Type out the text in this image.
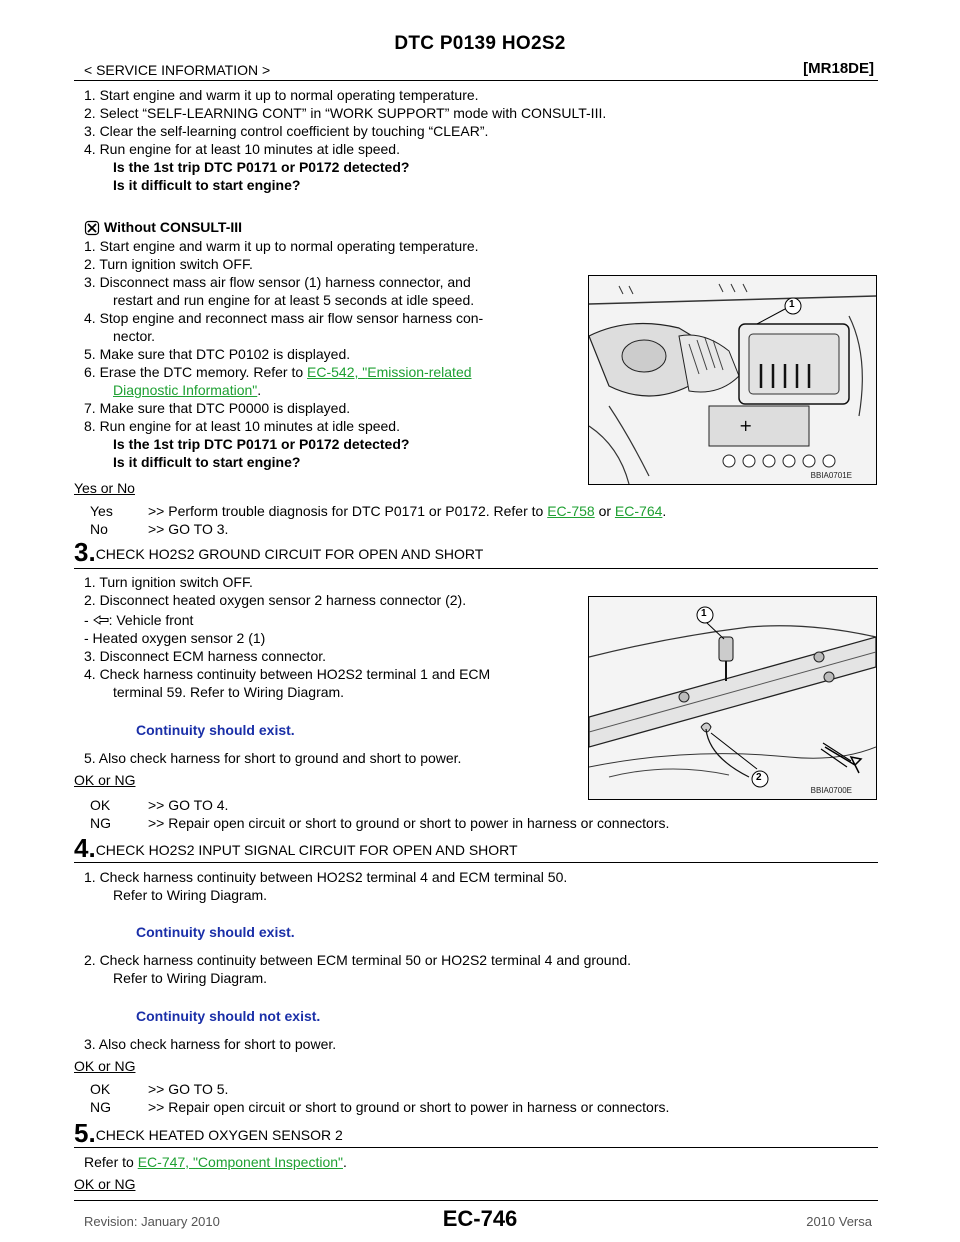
DTC P0139 HO2S2
< SERVICE INFORMATION >	[MR18DE]
1. Start engine and warm it up to normal operating temperature.
2. Select “SELF-LEARNING CONT” in “WORK SUPPORT” mode with CONSULT-III.
3. Clear the self-learning control coefficient by touching “CLEAR”.
4. Run engine for at least 10 minutes at idle speed.
Is the 1st trip DTC P0171 or P0172 detected?
Is it difficult to start engine?
Without CONSULT-III
1. Start engine and warm it up to normal operating temperature.
2. Turn ignition switch OFF.
3. Disconnect mass air flow sensor (1) harness connector, and
restart and run engine for at least 5 seconds at idle speed.
4. Stop engine and reconnect mass air flow sensor harness con-
nector.
5. Make sure that DTC P0102 is displayed.
6. Erase the DTC memory. Refer to EC-542, "Emission-related
Diagnostic Information".
7. Make sure that DTC P0000 is displayed.
8. Run engine for at least 10 minutes at idle speed.
Is the 1st trip DTC P0171 or P0172 detected?
Is it difficult to start engine?
+
1
BBIA0701E
Yes or No
Yes	>> Perform trouble diagnosis for DTC P0171 or P0172. Refer to EC-758 or EC-764.
No	>> GO TO 3.
3.CHECK HO2S2 GROUND CIRCUIT FOR OPEN AND SHORT
1. Turn ignition switch OFF.
2. Disconnect heated oxygen sensor 2 harness connector (2).
- : Vehicle front
- Heated oxygen sensor 2 (1)
3. Disconnect ECM harness connector.
4. Check harness continuity between HO2S2 terminal 1 and ECM
terminal 59. Refer to Wiring Diagram.
Continuity should exist.
5. Also check harness for short to ground and short to power.
OK or NG
OK	>> GO TO 4.
NG	>> Repair open circuit or short to ground or short to power in harness or connectors.
1
2
BBIA0700E
4.CHECK HO2S2 INPUT SIGNAL CIRCUIT FOR OPEN AND SHORT
1. Check harness continuity between HO2S2 terminal 4 and ECM terminal 50.
Refer to Wiring Diagram.
Continuity should exist.
2. Check harness continuity between ECM terminal 50 or HO2S2 terminal 4 and ground.
Refer to Wiring Diagram.
Continuity should not exist.
3. Also check harness for short to power.
OK or NG
OK	>> GO TO 5.
NG	>> Repair open circuit or short to ground or short to power in harness or connectors.
5.CHECK HEATED OXYGEN SENSOR 2
Refer to EC-747, "Component Inspection".
OK or NG
Revision: January 2010	EC-746	2010 Versa
